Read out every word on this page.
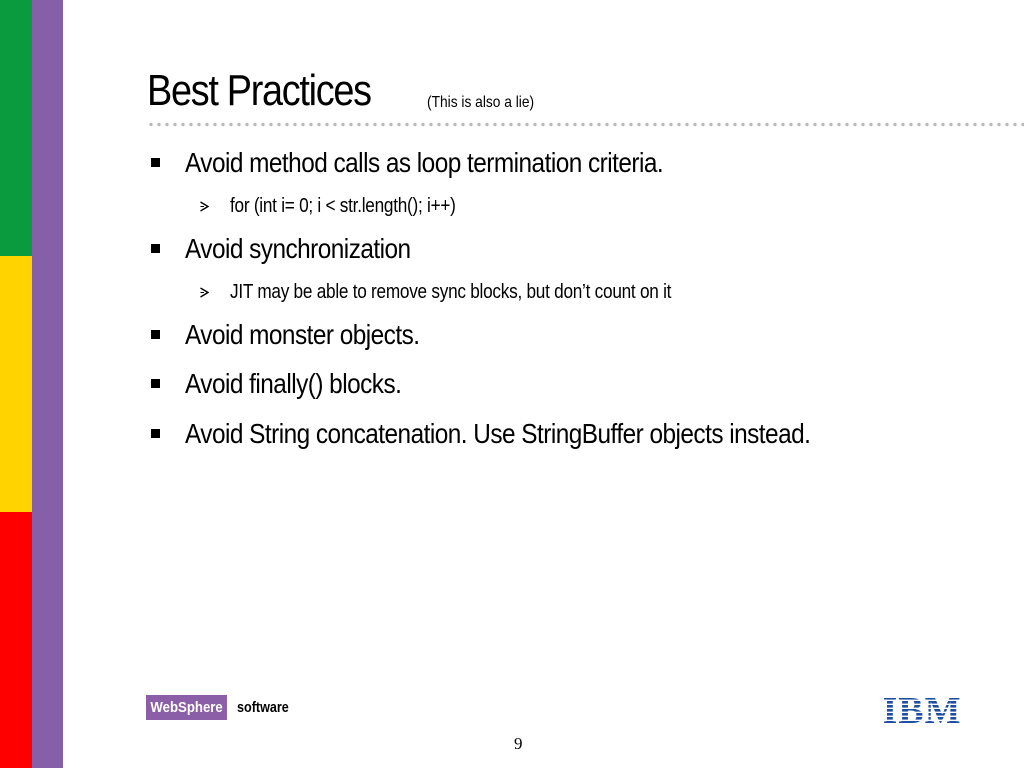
Best Practices	(This is also a lie)
Avoid method calls as loop termination criteria.
for (int i= 0; i < str.length(); i++)
Avoid synchronization
JIT may be able to remove sync blocks, but don’t count on it
Avoid monster objects.
Avoid finally() blocks.
Avoid String concatenation. Use StringBuffer objects instead.
WebSphere software
9
IBM
